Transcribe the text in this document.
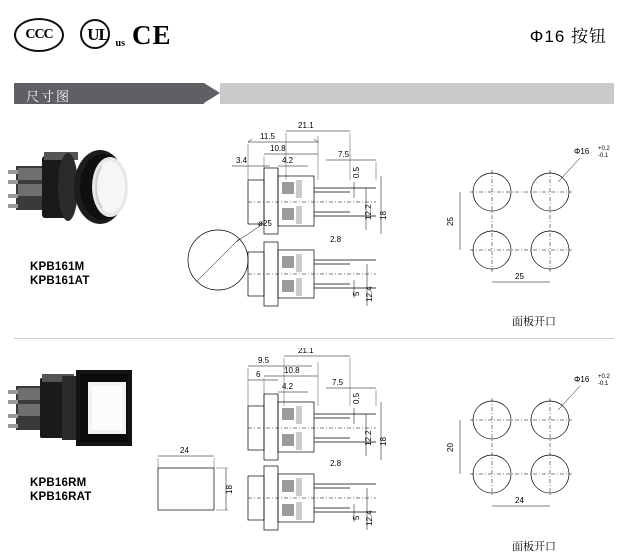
CCC UL us CE	Φ16 按钮
尺寸图
KPB161M
KPB161AT
ø25
11.5
21.1
10.8
4.2
3.4
7.5
0.5
12.2 18
2.8
5 12.4
Φ16 +0.2
-0.1
25
25
面板开口
KPB16RM
KPB16RAT
24
18
9.5
21.1
6	10.8
4.2	7.5
0.5
12.2 18
2.8
5 12.4
Φ16 +0.2
-0.1
20
24
面板开口
